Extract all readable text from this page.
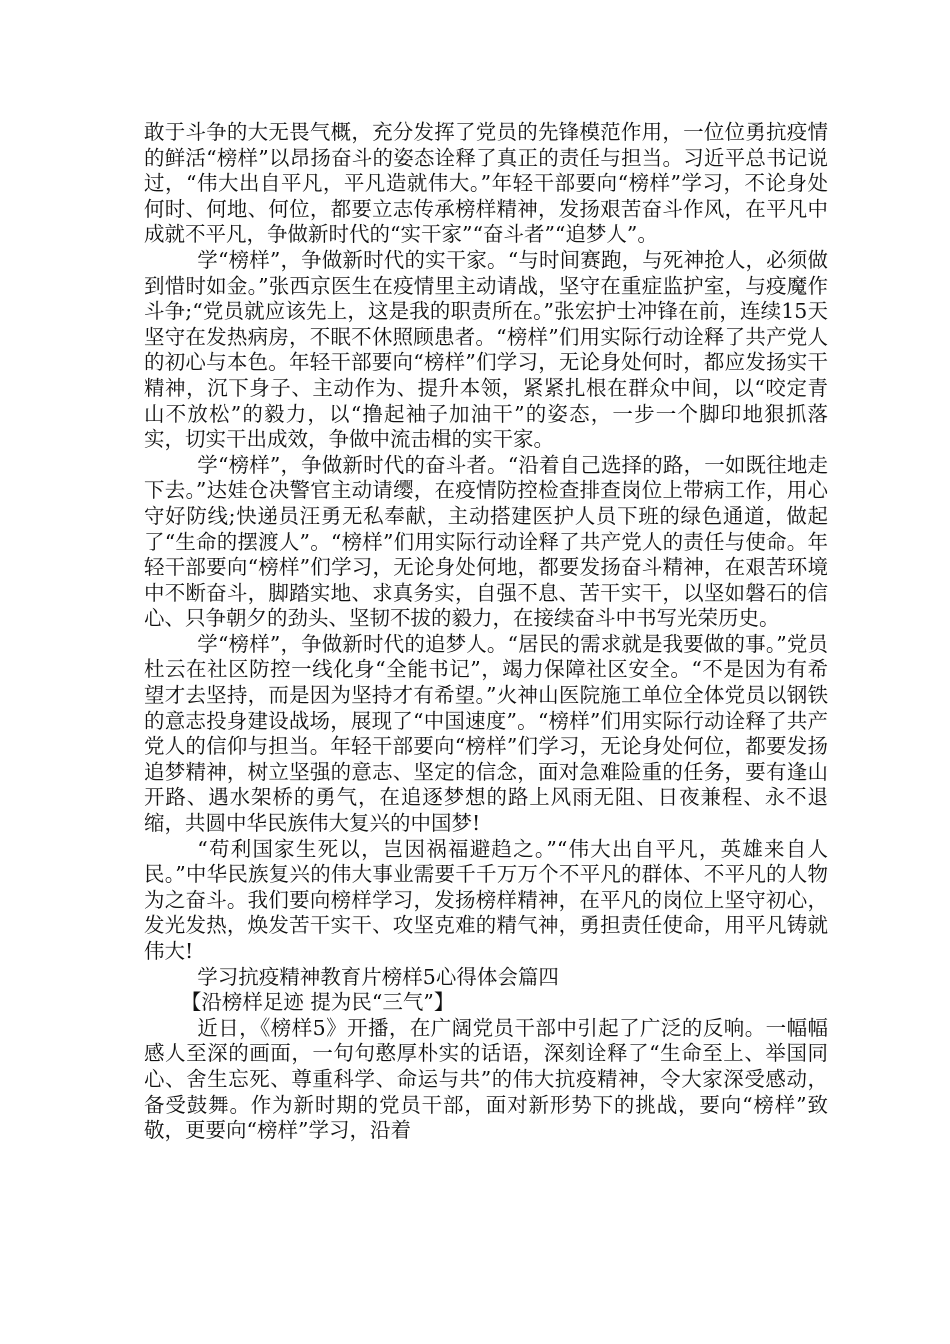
敢于斗争的大无畏气概，充分发挥了党员的先锋模范作用，一位位勇抗疫情的鲜活“榜样”以昂扬奋斗的姿态诠释了真正的责任与担当。习近平总书记说过，“伟大出自平凡，平凡造就伟大。”年轻干部要向“榜样”学习，不论身处何时、何地、何位，都要立志传承榜样精神，发扬艰苦奋斗作风，在平凡中成就不平凡，争做新时代的“实干家”“奋斗者”“追梦人”。

学“榜样”，争做新时代的实干家。“与时间赛跑，与死神抢人，必须做到惜时如金。”张西京医生在疫情里主动请战，坚守在重症监护室，与疫魔作斗争;“党员就应该先上，这是我的职责所在。”张宏护士冲锋在前，连续15天坚守在发热病房，不眠不休照顾患者。“榜样”们用实际行动诠释了共产党人的初心与本色。年轻干部要向“榜样”们学习，无论身处何时，都应发扬实干精神，沉下身子、主动作为、提升本领，紧紧扎根在群众中间，以“咬定青山不放松”的毅力，以“撸起袖子加油干”的姿态，一步一个脚印地狠抓落实，切实干出成效，争做中流击楫的实干家。

学“榜样”，争做新时代的奋斗者。“沿着自己选择的路，一如既往地走下去。”达娃仓决警官主动请缨，在疫情防控检查排查岗位上带病工作，用心守好防线;快递员汪勇无私奉献，主动搭建医护人员下班的绿色通道，做起了“生命的摆渡人”。“榜样”们用实际行动诠释了共产党人的责任与使命。年轻干部要向“榜样”们学习，无论身处何地，都要发扬奋斗精神，在艰苦环境中不断奋斗，脚踏实地、求真务实，自强不息、苦干实干，以坚如磐石的信心、只争朝夕的劲头、坚韧不拔的毅力，在接续奋斗中书写光荣历史。

学“榜样”，争做新时代的追梦人。“居民的需求就是我要做的事。”党员杜云在社区防控一线化身“全能书记”，竭力保障社区安全。“不是因为有希望才去坚持，而是因为坚持才有希望。”火神山医院施工单位全体党员以钢铁的意志投身建设战场，展现了“中国速度”。“榜样”们用实际行动诠释了共产党人的信仰与担当。年轻干部要向“榜样”们学习，无论身处何位，都要发扬追梦精神，树立坚强的意志、坚定的信念，面对急难险重的任务，要有逢山开路、遇水架桥的勇气，在追逐梦想的路上风雨无阻、日夜兼程、永不退缩，共圆中华民族伟大复兴的中国梦!

“苟利国家生死以，岂因祸福避趋之。”“伟大出自平凡，英雄来自人民。”中华民族复兴的伟大事业需要千千万万个不平凡的群体、不平凡的人物为之奋斗。我们要向榜样学习，发扬榜样精神，在平凡的岗位上坚守初心，发光发热，焕发苦干实干、攻坚克难的精气神，勇担责任使命，用平凡铸就伟大!

学习抗疫精神教育片榜样5心得体会篇四

【沿榜样足迹 提为民“三气”】

近日，《榜样5》开播，在广阔党员干部中引起了广泛的反响。一幅幅感人至深的画面，一句句憨厚朴实的话语，深刻诠释了“生命至上、举国同心、舍生忘死、尊重科学、命运与共”的伟大抗疫精神，令大家深受感动，备受鼓舞。作为新时期的党员干部，面对新形势下的挑战，要向“榜样”致敬，更要向“榜样”学习，沿着
